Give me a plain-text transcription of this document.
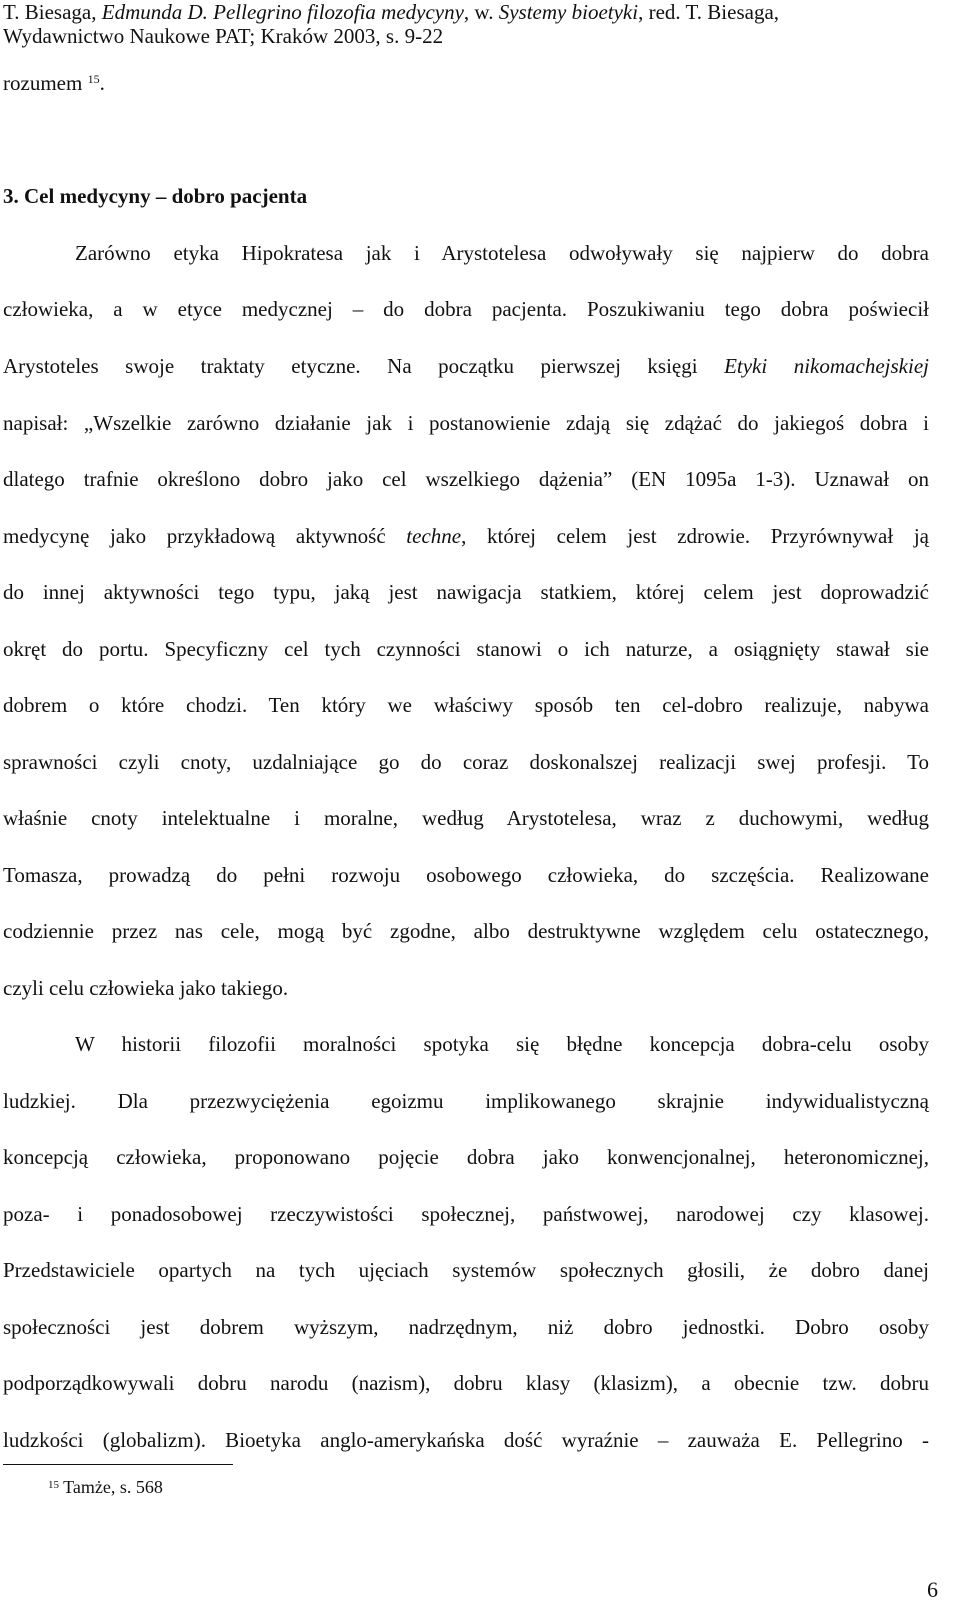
T. Biesaga, Edmunda D. Pellegrino filozofia medycyny, w. Systemy bioetyki, red. T. Biesaga,
Wydawnictwo Naukowe PAT; Kraków 2003, s. 9-22
rozumem $^{15}$.
3. Cel medycyny – dobro pacjenta
Zarówno etyka Hipokratesa jak i Arystotelesa odwoływały się najpierw do dobra
człowieka, a w etyce medycznej – do dobra pacjenta. Poszukiwaniu tego dobra poświecił
Arystoteles swoje traktaty etyczne. Na początku pierwszej księgi Etyki nikomachejskiej
napisał: „Wszelkie zarówno działanie jak i postanowienie zdają się zdążać do jakiegoś dobra i
dlatego trafnie określono dobro jako cel wszelkiego dążenia” (EN 1095a 1-3). Uznawał on
medycynę jako przykładową aktywność techne, której celem jest zdrowie. Przyrównywał ją
do innej aktywności tego typu, jaką jest nawigacja statkiem, której celem jest doprowadzić
okręt do portu. Specyficzny cel tych czynności stanowi o ich naturze, a osiągnięty stawał sie
dobrem o które chodzi. Ten który we właściwy sposób ten cel-dobro realizuje, nabywa
sprawności czyli cnoty, uzdalniające go do coraz doskonalszej realizacji swej profesji. To
właśnie cnoty intelektualne i moralne, według Arystotelesa, wraz z duchowymi, według
Tomasza, prowadzą do pełni rozwoju osobowego człowieka, do szczęścia. Realizowane
codziennie przez nas cele, mogą być zgodne, albo destruktywne względem celu ostatecznego,
czyli celu człowieka jako takiego.
W historii filozofii moralności spotyka się błędne koncepcja dobra-celu osoby
ludzkiej. Dla przezwyciężenia egoizmu implikowanego skrajnie indywidualistyczną
koncepcją człowieka, proponowano pojęcie dobra jako konwencjonalnej, heteronomicznej,
poza- i ponadosobowej rzeczywistości społecznej, państwowej, narodowej czy klasowej.
Przedstawiciele opartych na tych ujęciach systemów społecznych głosili, że dobro danej
społeczności jest dobrem wyższym, nadrzędnym, niż dobro jednostki. Dobro osoby
podporządkowywali dobru narodu (nazism), dobru klasy (klasizm), a obecnie tzw. dobru
ludzkości (globalizm). Bioetyka anglo-amerykańska dość wyraźnie – zauważa E. Pellegrino -
$^{15}$ Tamże, s. 568
6
